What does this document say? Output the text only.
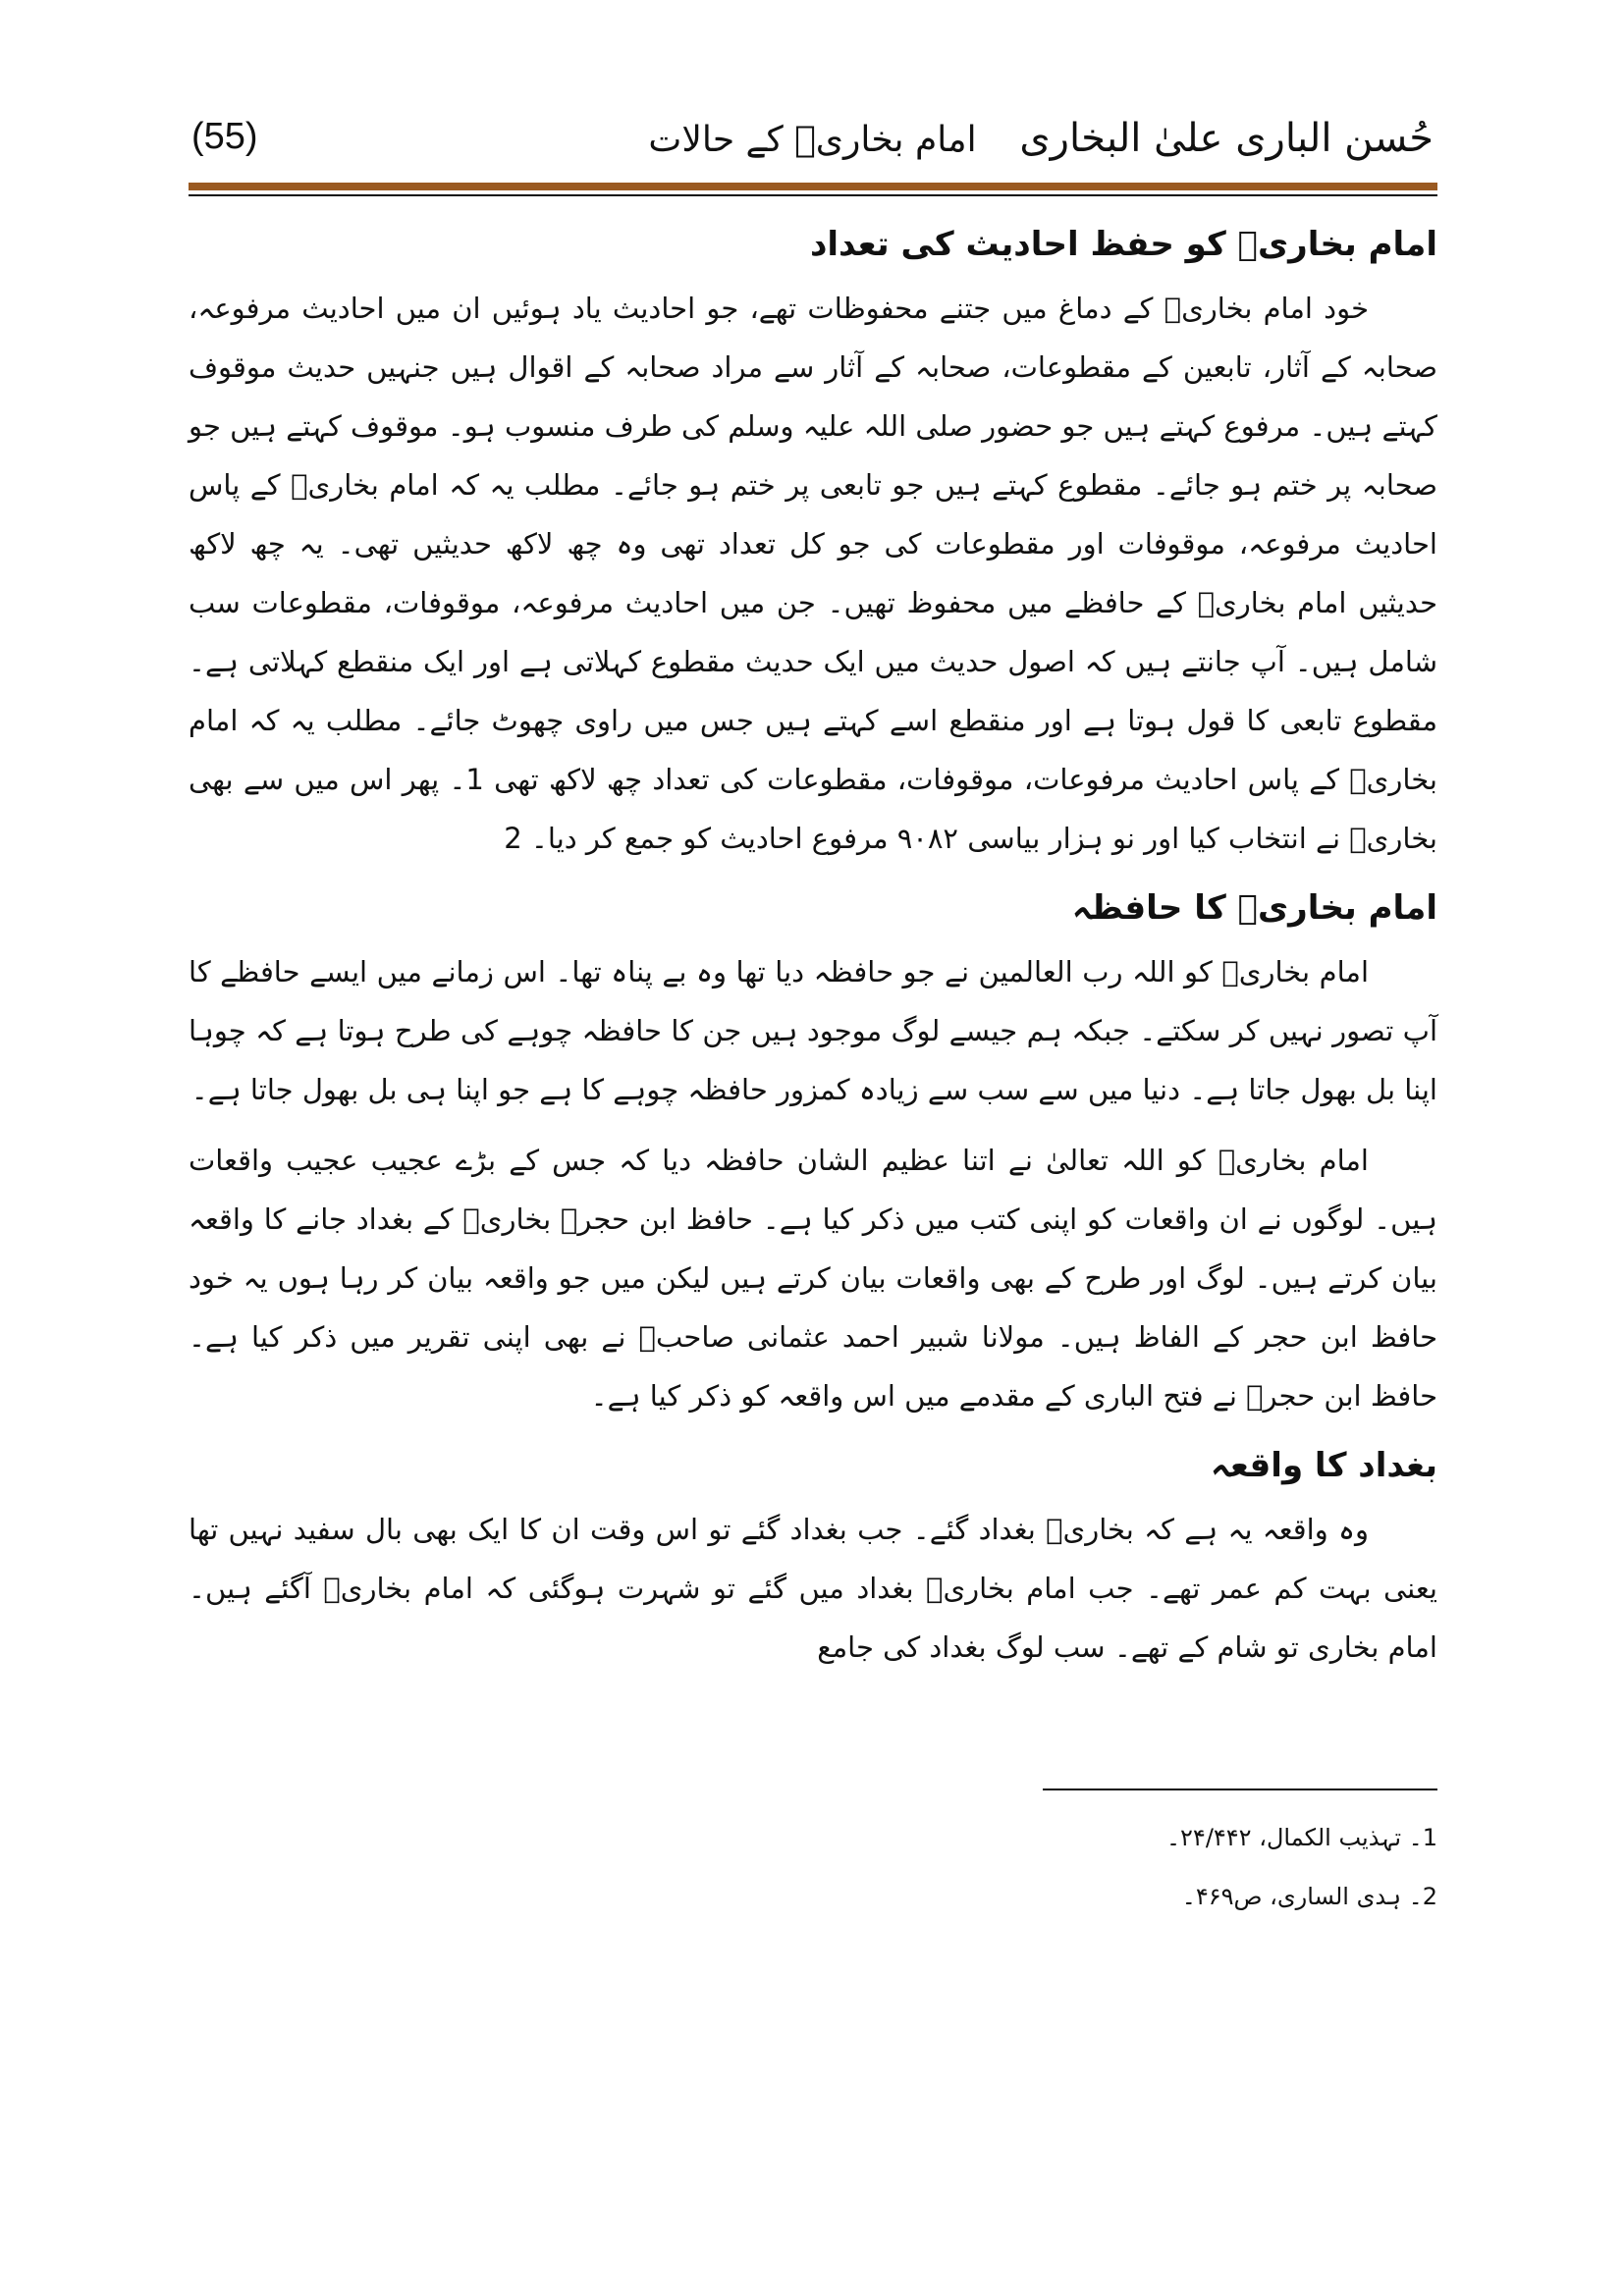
حُسن الباری علیٰ البخاری
امام بخاریؒ کے حالات
(55)
امام بخاریؒ کو حفظ احادیث کی تعداد

خود امام بخاریؒ کے دماغ میں جتنے محفوظات تھے، جو احادیث یاد ہوئیں ان میں احادیث مرفوعہ، صحابہ کے آثار، تابعین کے مقطوعات، صحابہ کے آثار سے مراد صحابہ کے اقوال ہیں جنہیں حدیث موقوف کہتے ہیں۔ مرفوع کہتے ہیں جو حضور صلی اللہ علیہ وسلم کی طرف منسوب ہو۔ موقوف کہتے ہیں جو صحابہ پر ختم ہو جائے۔ مقطوع کہتے ہیں جو تابعی پر ختم ہو جائے۔ مطلب یہ کہ امام بخاریؒ کے پاس احادیث مرفوعہ، موقوفات اور مقطوعات کی جو کل تعداد تھی وہ چھ لاکھ حدیثیں تھی۔ یہ چھ لاکھ حدیثیں امام بخاریؒ کے حافظے میں محفوظ تھیں۔ جن میں احادیث مرفوعہ، موقوفات، مقطوعات سب شامل ہیں۔ آپ جانتے ہیں کہ اصول حدیث میں ایک حدیث مقطوع کہلاتی ہے اور ایک منقطع کہلاتی ہے۔ مقطوع تابعی کا قول ہوتا ہے اور منقطع اسے کہتے ہیں جس میں راوی چھوٹ جائے۔ مطلب یہ کہ امام بخاریؒ کے پاس احادیث مرفوعات، موقوفات، مقطوعات کی تعداد چھ لاکھ تھی 1۔ پھر اس میں سے بھی بخاریؒ نے انتخاب کیا اور نو ہزار بیاسی ۹۰۸۲ مرفوع احادیث کو جمع کر دیا۔ 2

امام بخاریؒ کا حافظہ

امام بخاریؒ کو اللہ رب العالمین نے جو حافظہ دیا تھا وہ بے پناہ تھا۔ اس زمانے میں ایسے حافظے کا آپ تصور نہیں کر سکتے۔ جبکہ ہم جیسے لوگ موجود ہیں جن کا حافظہ چوہے کی طرح ہوتا ہے کہ چوہا اپنا بل بھول جاتا ہے۔ دنیا میں سے سب سے زیادہ کمزور حافظہ چوہے کا ہے جو اپنا ہی بل بھول جاتا ہے۔

امام بخاریؒ کو اللہ تعالیٰ نے اتنا عظیم الشان حافظہ دیا کہ جس کے بڑے عجیب عجیب واقعات ہیں۔ لوگوں نے ان واقعات کو اپنی کتب میں ذکر کیا ہے۔ حافظ ابن حجرؒ بخاریؒ کے بغداد جانے کا واقعہ بیان کرتے ہیں۔ لوگ اور طرح کے بھی واقعات بیان کرتے ہیں لیکن میں جو واقعہ بیان کر رہا ہوں یہ خود حافظ ابن حجر کے الفاظ ہیں۔ مولانا شبیر احمد عثمانی صاحبؒ نے بھی اپنی تقریر میں ذکر کیا ہے۔ حافظ ابن حجرؒ نے فتح الباری کے مقدمے میں اس واقعہ کو ذکر کیا ہے۔

بغداد کا واقعہ

وہ واقعہ یہ ہے کہ بخاریؒ بغداد گئے۔ جب بغداد گئے تو اس وقت ان کا ایک بھی بال سفید نہیں تھا یعنی بہت کم عمر تھے۔ جب امام بخاریؒ بغداد میں گئے تو شہرت ہوگئی کہ امام بخاریؒ آگئے ہیں۔ امام بخاری تو شام کے تھے۔ سب لوگ بغداد کی جامع

1۔ تہذیب الکمال، ۲۴/۴۴۲۔
2۔ ہدی الساری، ص۴۶۹۔
